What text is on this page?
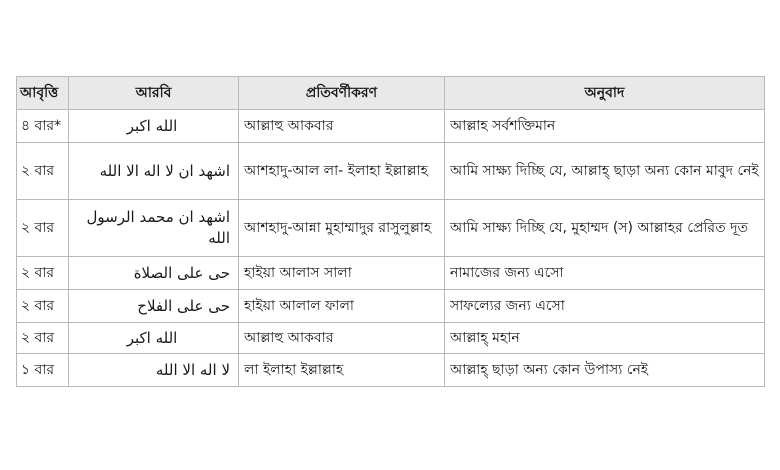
আবৃত্তি	আরবি	প্রতিবর্ণীকরণ	অনুবাদ
৪ বার*	الله اكبر	আল্লাহু আকবার	আল্লাহ সর্বশক্তিমান
২ বার	اشهد ان لا اله الا الله	আশহাদু-আল লা- ইলাহা ইল্লাল্লাহ	আমি সাক্ষ্য দিচ্ছি যে, আল্লাহ্‌ ছাড়া অন্য কোন মাবুদ নেই
২ বার	اشهد ان محمد الرسول الله	আশহাদু-আন্না মুহাম্মাদুর রাসুলুল্লাহ	আমি সাক্ষ্য দিচ্ছি যে, মুহাম্মদ (স) আল্লাহর প্রেরিত দূত
২ বার	حى على الصلاة	হাইয়া আলাস সালা	নামাজের জন্য এসো
২ বার	حى على الفلاح	হাইয়া আলাল ফালা	সাফল্যের জন্য এসো
২ বার	الله اكبر	আল্লাহু আকবার	আল্লাহ্‌ মহান
১ বার	لا اله الا الله	লা ইলাহা ইল্লাল্লাহ	আল্লাহ্‌ ছাড়া অন্য কোন উপাস্য নেই
